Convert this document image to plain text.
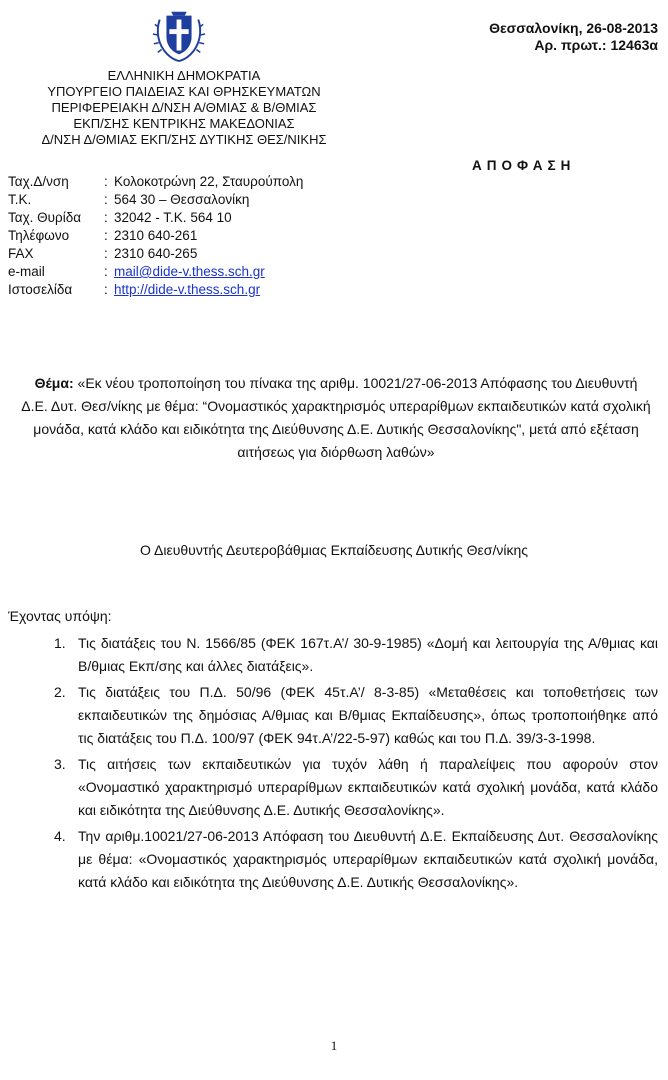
Θεσσαλονίκη, 26-08-2013
Αρ. πρωτ.: 12463α
ΕΛΛΗΝΙΚΗ ΔΗΜΟΚΡΑΤΙΑ
ΥΠΟΥΡΓΕΙΟ ΠΑΙΔΕΙΑΣ ΚΑΙ ΘΡΗΣΚΕΥΜΑΤΩΝ
ΠΕΡΙΦΕΡΕΙΑΚΗ Δ/ΝΣΗ Α/ΘΜΙΑΣ & Β/ΘΜΙΑΣ
ΕΚΠ/ΣΗΣ ΚΕΝΤΡΙΚΗΣ ΜΑΚΕΔΟΝΙΑΣ
Δ/ΝΣΗ Δ/ΘΜΙΑΣ ΕΚΠ/ΣΗΣ ΔΥΤΙΚΗΣ ΘΕΣ/ΝΙΚΗΣ
ΑΠΟΦΑΣΗ
Ταχ.Δ/νση	: Κολοκοτρώνη 22, Σταυρούπολη
Τ.Κ.	: 564 30 – Θεσσαλονίκη
Ταχ. Θυρίδα	: 32042 - Τ.Κ. 564 10
Τηλέφωνο	: 2310 640-261
FAX	: 2310 640-265
e-mail	: mail@dide-v.thess.sch.gr
Ιστοσελίδα	: http://dide-v.thess.sch.gr
Θέμα: «Εκ νέου τροποποίηση του πίνακα της αριθμ. 10021/27-06-2013 Απόφασης του Διευθυντή Δ.Ε. Δυτ. Θεσ/νίκης με θέμα: “Ονομαστικός χαρακτηρισμός υπεραρίθμων εκπαιδευτικών κατά σχολική μονάδα, κατά κλάδο και ειδικότητα της Διεύθυνσης Δ.Ε. Δυτικής Θεσσαλονίκης", μετά από εξέταση αιτήσεως για διόρθωση λαθών»
Ο Διευθυντής Δευτεροβάθμιας Εκπαίδευσης Δυτικής Θεσ/νίκης
Έχοντας υπόψη:
1. Τις διατάξεις του Ν. 1566/85 (ΦΕΚ 167τ.Α’/ 30-9-1985) «Δομή και λειτουργία της Α/θμιας και Β/θμιας Εκπ/σης και άλλες διατάξεις».
2. Τις διατάξεις του Π.Δ. 50/96 (ΦΕΚ 45τ.Α’/ 8-3-85) «Μεταθέσεις και τοποθετήσεις των εκπαιδευτικών της δημόσιας Α/θμιας και Β/θμιας Εκπαίδευσης», όπως τροποποιήθηκε από τις διατάξεις του Π.Δ. 100/97 (ΦΕΚ 94τ.Α’/22-5-97) καθώς και του Π.Δ. 39/3-3-1998.
3. Τις αιτήσεις των εκπαιδευτικών για τυχόν λάθη ή παραλείψεις που αφορούν στον «Ονομαστικό χαρακτηρισμό υπεραρίθμων εκπαιδευτικών κατά σχολική μονάδα, κατά κλάδο και ειδικότητα της Διεύθυνσης Δ.Ε. Δυτικής Θεσσαλονίκης».
4. Την αριθμ.10021/27-06-2013 Απόφαση του Διευθυντή Δ.Ε. Εκπαίδευσης Δυτ. Θεσσαλονίκης με θέμα: «Ονομαστικός χαρακτηρισμός υπεραρίθμων εκπαιδευτικών κατά σχολική μονάδα, κατά κλάδο και ειδικότητα της Διεύθυνσης Δ.Ε. Δυτικής Θεσσαλονίκης».
1
